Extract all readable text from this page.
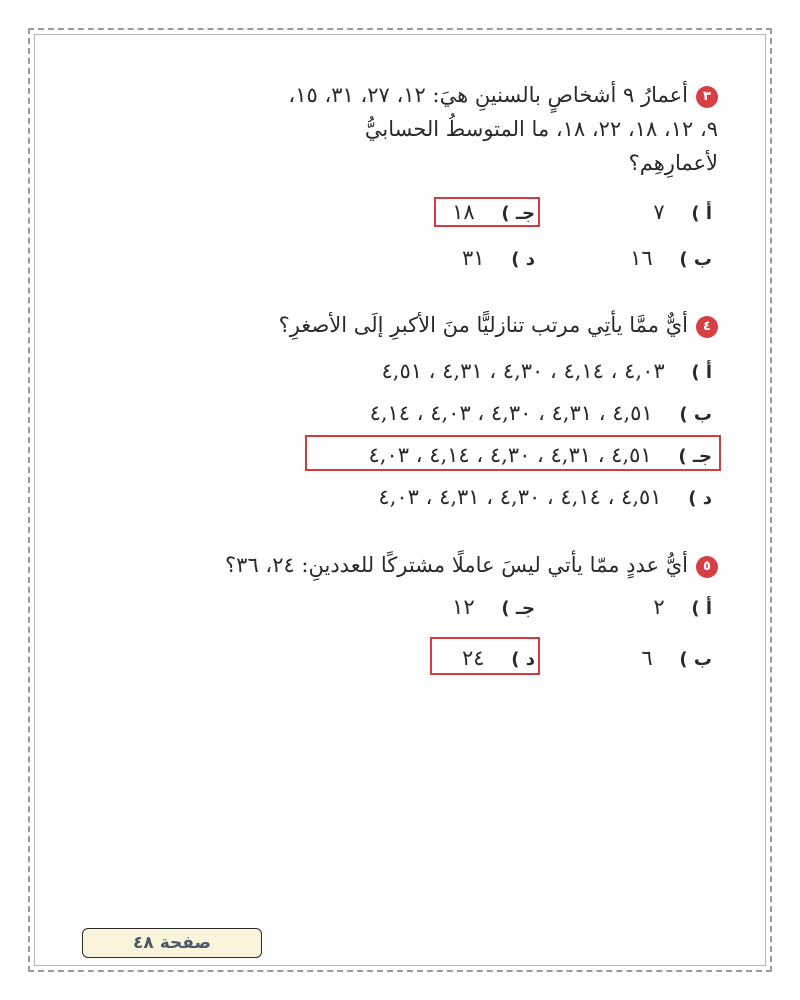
٣أعمارُ ٩ أشخاصٍ بالسنينِ هيَ: ١٢، ٢٧، ٣١، ١٥،
٩، ١٢، ١٨، ٢٢، ١٨، ما المتوسطُ الحسابيُّ
لأعمارِهِم؟
أ )    ٧
جـ )    ١٨
ب )    ١٦
د )    ٣١
٤أيٌّ ممَّا يأتِي مرتب تنازليًّا منَ الأكبرِ إلَى الأصغرِ؟
أ )    ٤,٠٣ ، ٤,١٤ ، ٤,٣٠ ، ٤,٣١ ، ٤,٥١
ب )    ٤,٥١ ، ٤,٣١ ، ٤,٣٠ ، ٤,٠٣ ، ٤,١٤
جـ )    ٤,٥١ ، ٤,٣١ ، ٤,٣٠ ، ٤,١٤ ، ٤,٠٣
د )    ٤,٥١ ، ٤,١٤ ، ٤,٣٠ ، ٤,٣١ ، ٤,٠٣
٥أيُّ عددٍ ممّا يأتي ليسَ عاملًا مشتركًا للعددينِ: ٢٤، ٣٦؟
أ )    ٢
جـ )    ١٢
ب )    ٦
د )    ٢٤
صفحة ٤٨
